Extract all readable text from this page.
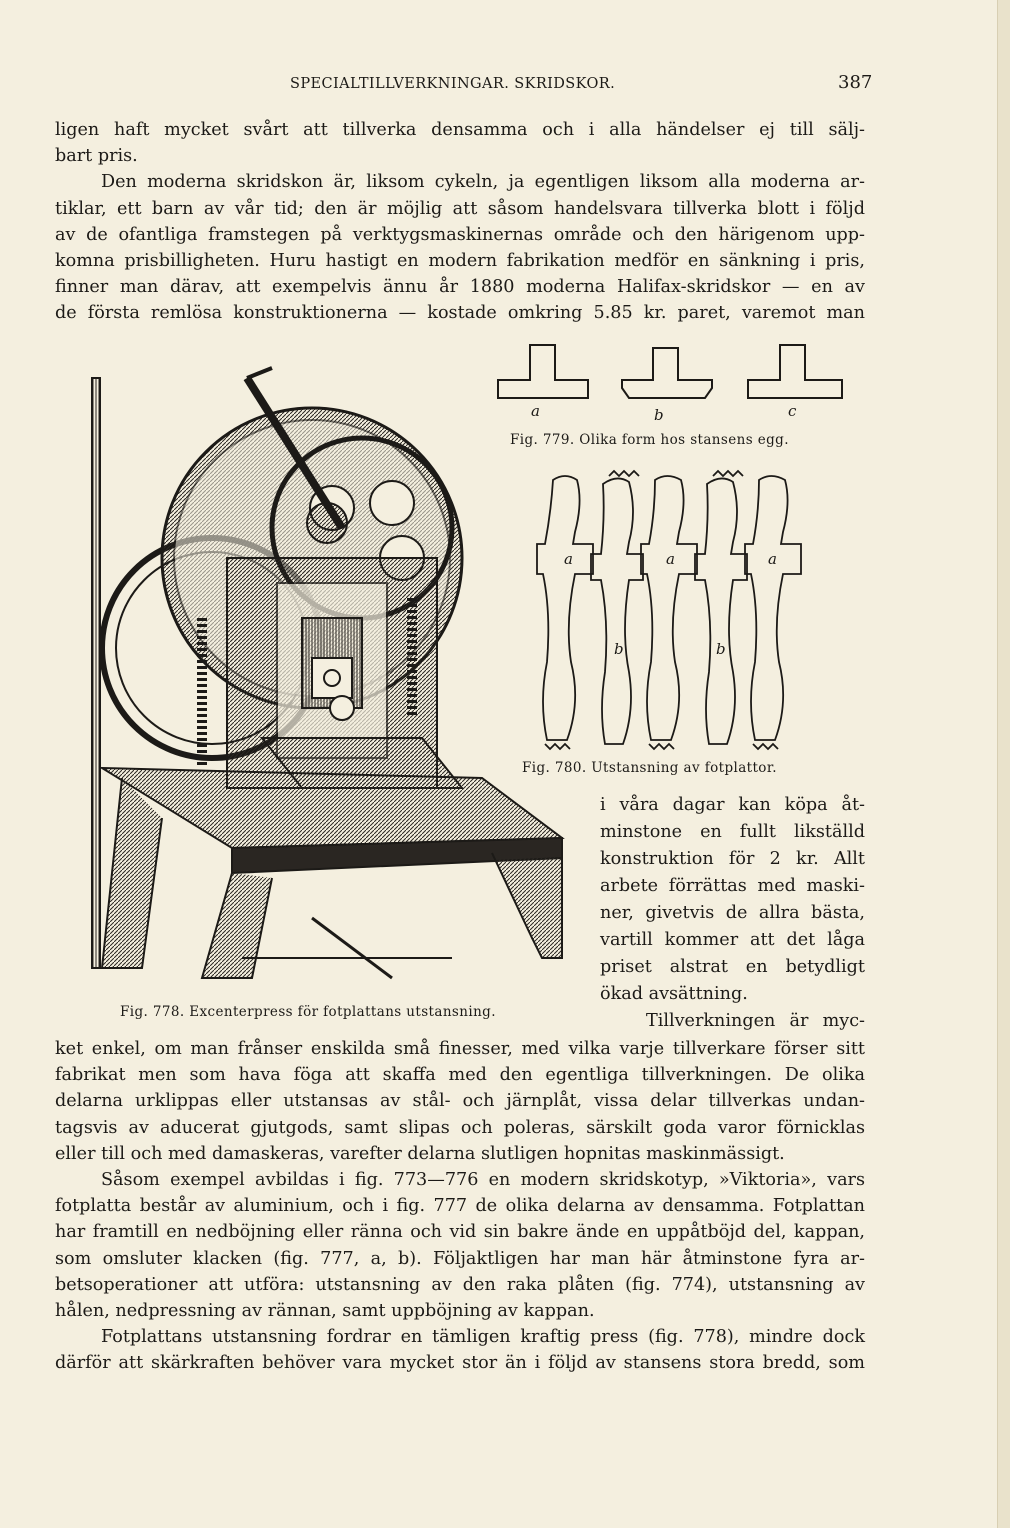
SPECIALTILLVERKNINGAR. SKRIDSKOR.	387

ligen haft mycket svårt att tillverka densamma och i alla händelser ej till sälj-
bart pris.
Den moderna skridskon är, liksom cykeln, ja egentligen liksom alla moderna ar-
tiklar, ett barn av vår tid; den är möjlig att såsom handelsvara tillverka blott i följd
av de ofantliga framstegen på verktygsmaskinernas område och den härigenom upp-
komna prisbilligheten. Huru hastigt en modern fabrikation medför en sänkning i pris,
finner man därav, att exempelvis ännu år 1880 moderna Halifax-skridskor — en av
de första remlösa konstruktionerna — kostade omkring 5.85 kr. paret, varemot man

a	b	c
Fig. 779. Olika form hos stansens egg.
a	a	a
b	b
Fig. 780. Utstansning av fotplattor.
Fig. 778. Excenterpress för fotplattans utstansning.
i våra dagar kan köpa åt-
minstone en fullt likställd
konstruktion för 2 kr. Allt
arbete förrättas med maski-
ner, givetvis de allra bästa,
vartill kommer att det låga
priset alstrat en betydligt
ökad avsättning.
Tillverkningen är myc-

ket enkel, om man frånser enskilda små finesser, med vilka varje tillverkare förser sitt
fabrikat men som hava föga att skaffa med den egentliga tillverkningen. De olika
delarna urklippas eller utstansas av stål- och järnplåt, vissa delar tillverkas undan-
tagsvis av aducerat gjutgods, samt slipas och poleras, särskilt goda varor förnicklas
eller till och med damaskeras, varefter delarna slutligen hopnitas maskinmässigt.
Såsom exempel avbildas i fig. 773—776 en modern skridskotyp, »Viktoria», vars
fotplatta består av aluminium, och i fig. 777 de olika delarna av densamma. Fotplattan
har framtill en nedböjning eller ränna och vid sin bakre ände en uppåtböjd del, kappan,
som omsluter klacken (fig. 777, a, b). Följaktligen har man här åtminstone fyra ar-
betsoperationer att utföra: utstansning av den raka plåten (fig. 774), utstansning av
hålen, nedpressning av rännan, samt uppböjning av kappan.
Fotplattans utstansning fordrar en tämligen kraftig press (fig. 778), mindre dock
därför att skärkraften behöver vara mycket stor än i följd av stansens stora bredd, som
